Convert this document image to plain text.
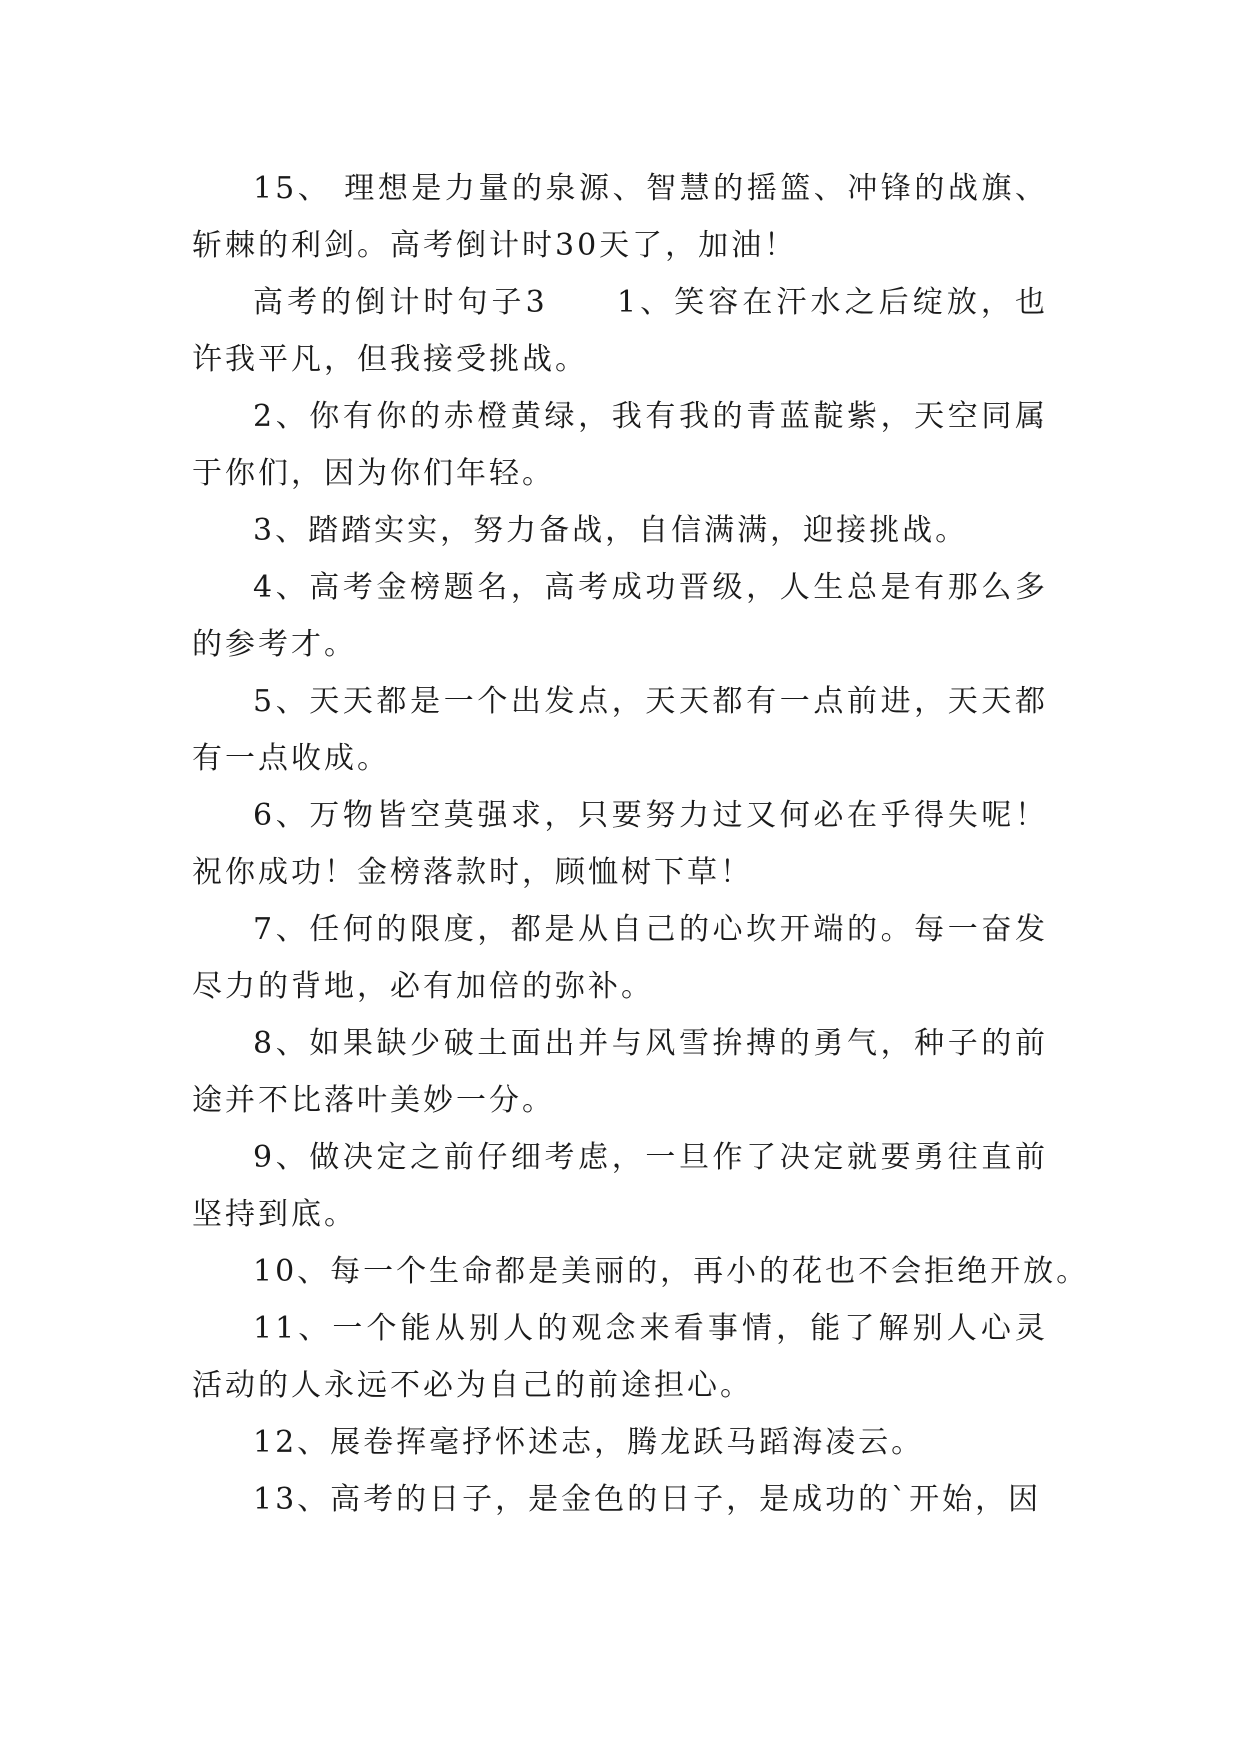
15、 理想是力量的泉源、智慧的摇篮、冲锋的战旗、斩棘的利剑。高考倒计时30天了，加油！

高考的倒计时句子3　　1、笑容在汗水之后绽放，也许我平凡，但我接受挑战。

2、你有你的赤橙黄绿，我有我的青蓝靛紫，天空同属于你们，因为你们年轻。

3、踏踏实实，努力备战，自信满满，迎接挑战。

4、高考金榜题名，高考成功晋级，人生总是有那么多的参考才。

5、天天都是一个出发点，天天都有一点前进，天天都有一点收成。

6、万物皆空莫强求，只要努力过又何必在乎得失呢！祝你成功！金榜落款时，顾恤树下草！

7、任何的限度，都是从自己的心坎开端的。每一奋发尽力的背地，必有加倍的弥补。

8、如果缺少破土面出并与风雪拚搏的勇气，种子的前途并不比落叶美妙一分。

9、做决定之前仔细考虑，一旦作了决定就要勇往直前坚持到底。

10、每一个生命都是美丽的，再小的花也不会拒绝开放。

11、一个能从别人的观念来看事情，能了解别人心灵活动的人永远不必为自己的前途担心。

12、展卷挥毫抒怀述志，腾龙跃马蹈海凌云。

13、高考的日子，是金色的日子，是成功的`开始，因
